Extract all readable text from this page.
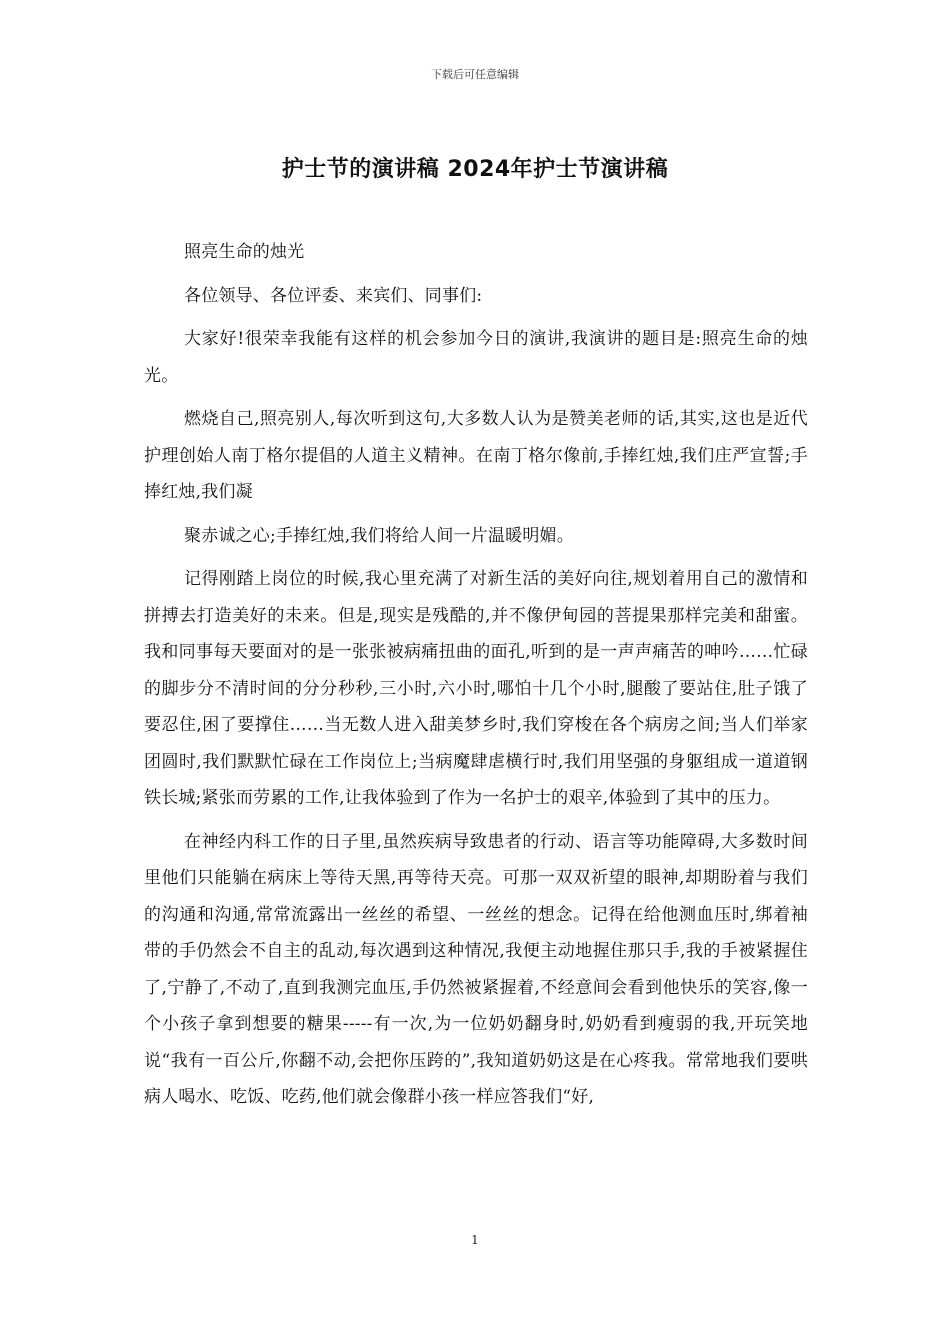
下载后可任意编辑
护士节的演讲稿 2024年护士节演讲稿

照亮生命的烛光

各位领导、各位评委、来宾们、同事们:

大家好!很荣幸我能有这样的机会参加今日的演讲,我演讲的题目是:照亮生命的烛光。

燃烧自己,照亮别人,每次听到这句,大多数人认为是赞美老师的话,其实,这也是近代护理创始人南丁格尔提倡的人道主义精神。在南丁格尔像前,手捧红烛,我们庄严宣誓;手捧红烛,我们凝

聚赤诚之心;手捧红烛,我们将给人间一片温暖明媚。

记得刚踏上岗位的时候,我心里充满了对新生活的美好向往,规划着用自己的激情和拼搏去打造美好的未来。但是,现实是残酷的,并不像伊甸园的菩提果那样完美和甜蜜。我和同事每天要面对的是一张张被病痛扭曲的面孔,听到的是一声声痛苦的呻吟……忙碌的脚步分不清时间的分分秒秒,三小时,六小时,哪怕十几个小时,腿酸了要站住,肚子饿了要忍住,困了要撑住……当无数人进入甜美梦乡时,我们穿梭在各个病房之间;当人们举家团圆时,我们默默忙碌在工作岗位上;当病魔肆虐横行时,我们用坚强的身躯组成一道道钢铁长城;紧张而劳累的工作,让我体验到了作为一名护士的艰辛,体验到了其中的压力。

在神经内科工作的日子里,虽然疾病导致患者的行动、语言等功能障碍,大多数时间里他们只能躺在病床上等待天黑,再等待天亮。可那一双双祈望的眼神,却期盼着与我们的沟通和沟通,常常流露出一丝丝的希望、一丝丝的想念。记得在给他测血压时,绑着袖带的手仍然会不自主的乱动,每次遇到这种情况,我便主动地握住那只手,我的手被紧握住了,宁静了,不动了,直到我测完血压,手仍然被紧握着,不经意间会看到他快乐的笑容,像一个小孩子拿到想要的糖果-----有一次,为一位奶奶翻身时,奶奶看到瘦弱的我,开玩笑地说“我有一百公斤,你翻不动,会把你压跨的”,我知道奶奶这是在心疼我。常常地我们要哄病人喝水、吃饭、吃药,他们就会像群小孩一样应答我们“好,

1
